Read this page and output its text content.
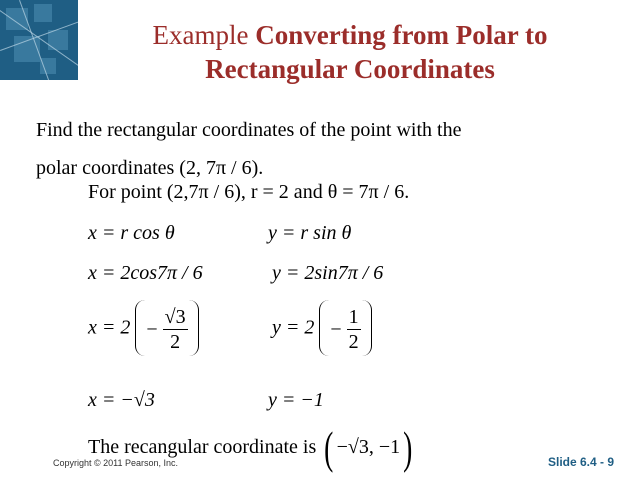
Example Converting from Polar to
Rectangular Coordinates
Find the rectangular coordinates of the point with the
polar coordinates (2, 7π / 6).
For point (2,7π / 6), r = 2 and θ = 7π / 6.
x = r cos θ	y = r sin θ
x = 2cos7π / 6	y = 2sin7π / 6
$x = 2 - \frac{√3}{2}$	$y = 2 - \frac{1}{2}$
x = −√3	y = −1
The recangular coordinate is ( −√3, −1)
Copyright © 2011 Pearson, Inc.	Slide 6.4 - 9
